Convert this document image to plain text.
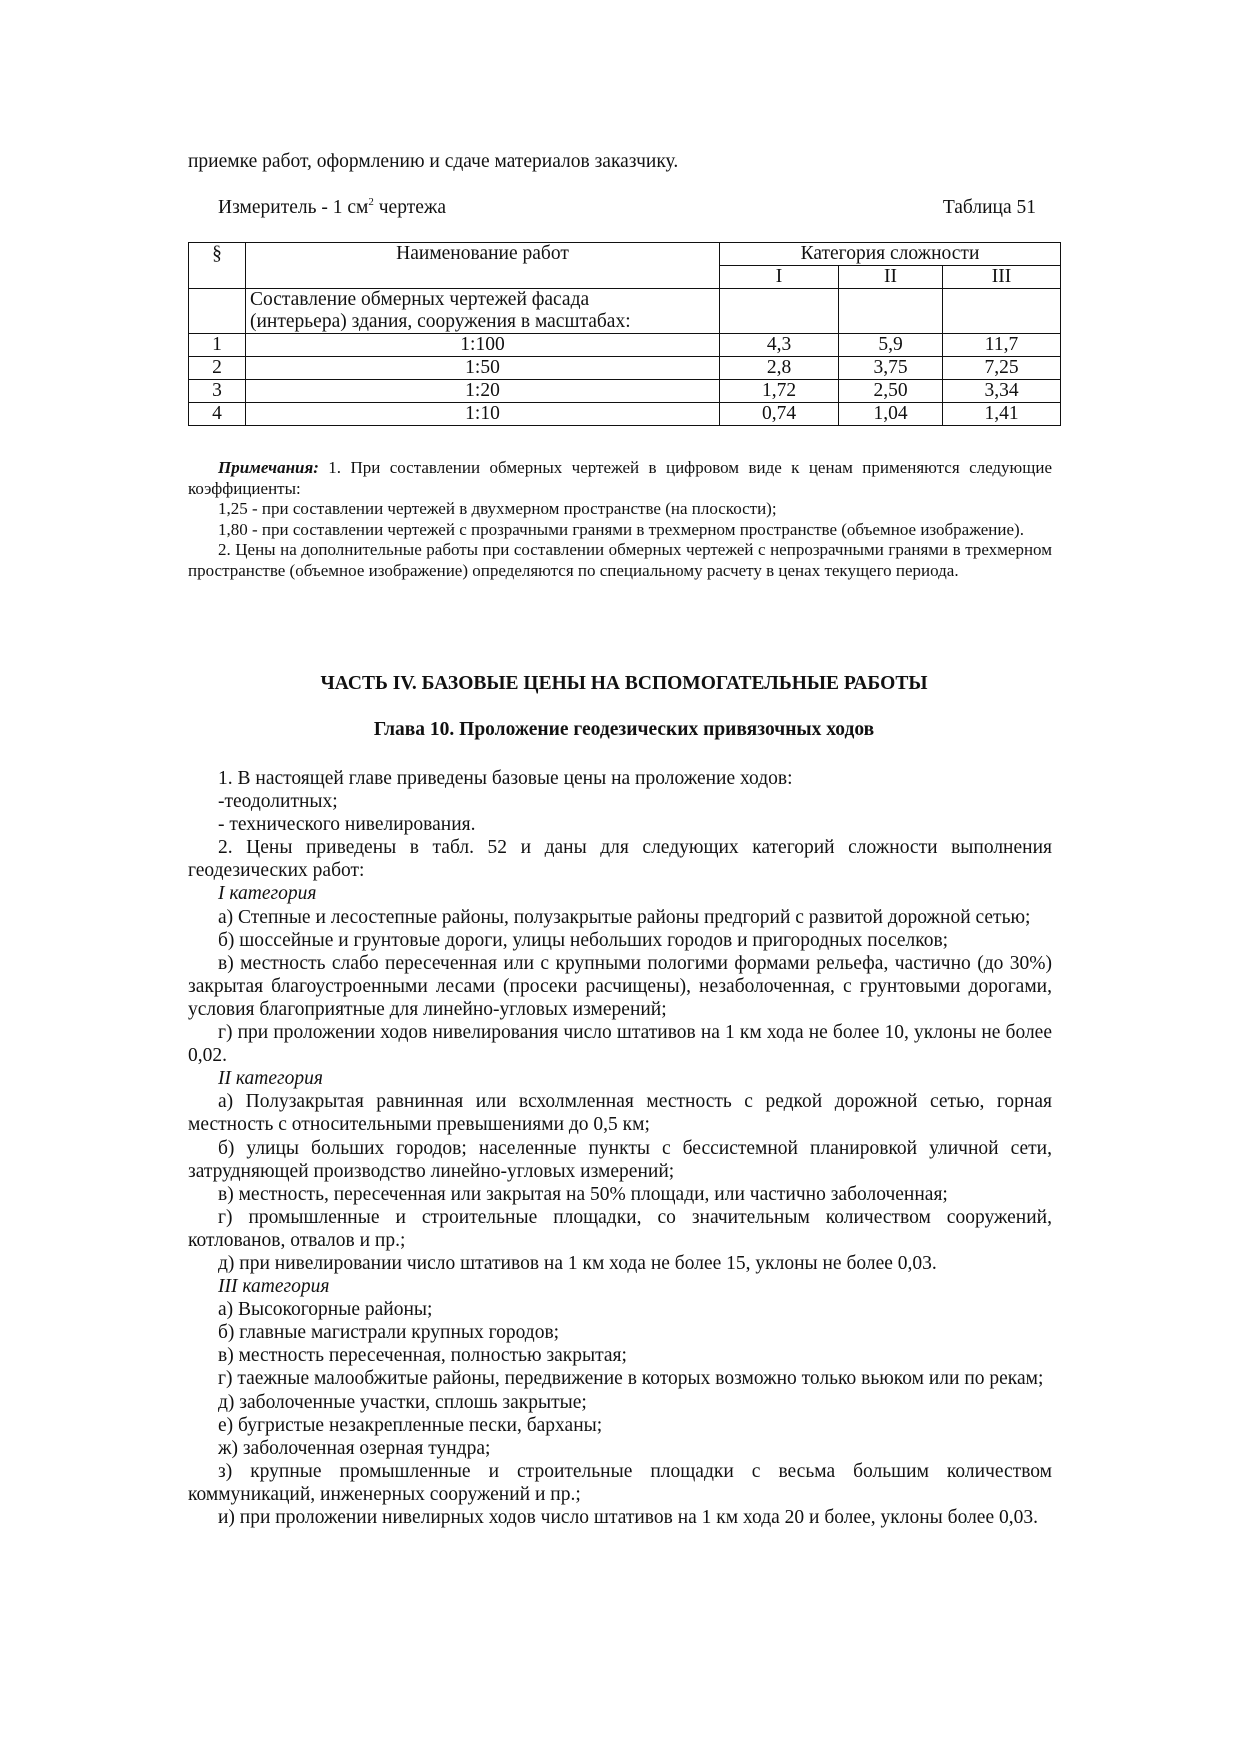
приемке работ, оформлению и сдаче материалов заказчику.

Измеритель - 1 $см^2$ чертежа	Таблица 51
§	Наименование работ	Категория сложности		
		I	II	III
	Составление обмерных чертежей фасада
(интерьера) здания, сооружения в масштабах:			
1	1:100	4,3	5,9	11,7
2	1:50	2,8	3,75	7,25
3	1:20	1,72	2,50	3,34
4	1:10	0,74	1,04	1,41

Примечания: 1. При составлении обмерных чертежей в цифровом виде к ценам применяются следующие коэффициенты:

1,25 - при составлении чертежей в двухмерном пространстве (на плоскости);

1,80 - при составлении чертежей с прозрачными гранями в трехмерном пространстве (объемное изображение).

2. Цены на дополнительные работы при составлении обмерных чертежей с непрозрачными гранями в трехмерном пространстве (объемное изображение) определяются по специальному расчету в ценах текущего периода.

ЧАСТЬ IV. БАЗОВЫЕ ЦЕНЫ НА ВСПОМОГАТЕЛЬНЫЕ РАБОТЫ

Глава 10. Проложение геодезических привязочных ходов

1. В настоящей главе приведены базовые цены на проложение ходов:

-теодолитных;

- технического нивелирования.

2. Цены приведены в табл. 52 и даны для следующих категорий сложности выполнения геодезических работ:

I категория

а) Степные и лесостепные районы, полузакрытые районы предгорий с развитой дорожной сетью;

б) шоссейные и грунтовые дороги, улицы небольших городов и пригородных поселков;

в) местность слабо пересеченная или с крупными пологими формами рельефа, частично (до 30%) закрытая благоустроенными лесами (просеки расчищены), незаболоченная, с грунтовыми дорогами, условия благоприятные для линейно-угловых измерений;

г) при проложении ходов нивелирования число штативов на 1 км хода не более 10, уклоны не более 0,02.

II категория

а) Полузакрытая равнинная или всхолмленная местность с редкой дорожной сетью, горная местность с относительными превышениями до 0,5 км;

б) улицы больших городов; населенные пункты с бессистемной планировкой уличной сети, затрудняющей производство линейно-угловых измерений;

в) местность, пересеченная или закрытая на 50% площади, или частично заболоченная;

г) промышленные и строительные площадки, со значительным количеством сооружений, котлованов, отвалов и пр.;

д) при нивелировании число штативов на 1 км хода не более 15, уклоны не более 0,03.

III категория

а) Высокогорные районы;

б) главные магистрали крупных городов;

в) местность пересеченная, полностью закрытая;

г) таежные малообжитые районы, передвижение в которых возможно только вьюком или по рекам;

д) заболоченные участки, сплошь закрытые;

е) бугристые незакрепленные пески, барханы;

ж) заболоченная озерная тундра;

з) крупные промышленные и строительные площадки с весьма большим количеством коммуникаций, инженерных сооружений и пр.;

и) при проложении нивелирных ходов число штативов на 1 км хода 20 и более, уклоны более 0,03.
